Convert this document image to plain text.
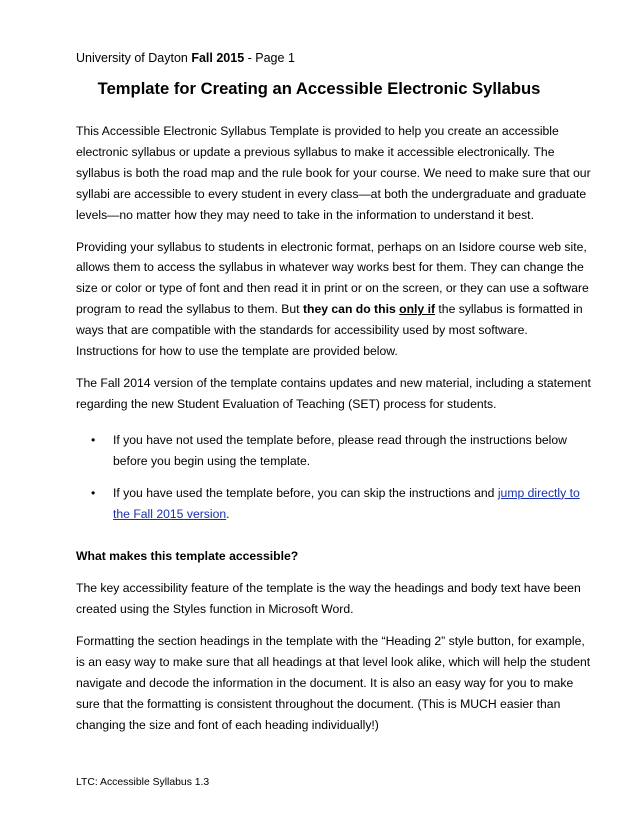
University of Dayton Fall 2015 - Page 1
Template for Creating an Accessible Electronic Syllabus

This Accessible Electronic Syllabus Template is provided to help you create an accessible electronic syllabus or update a previous syllabus to make it accessible electronically. The syllabus is both the road map and the rule book for your course. We need to make sure that our syllabi are accessible to every student in every class—at both the undergraduate and graduate levels—no matter how they may need to take in the information to understand it best.

Providing your syllabus to students in electronic format, perhaps on an Isidore course web site, allows them to access the syllabus in whatever way works best for them. They can change the size or color or type of font and then read it in print or on the screen, or they can use a software program to read the syllabus to them. But they can do this only if the syllabus is formatted in ways that are compatible with the standards for accessibility used by most software. Instructions for how to use the template are provided below.

The Fall 2014 version of the template contains updates and new material, including a statement regarding the new Student Evaluation of Teaching (SET) process for students.

• If you have not used the template before, please read through the instructions below before you begin using the template.
• If you have used the template before, you can skip the instructions and jump directly to the Fall 2015 version.

What makes this template accessible?

The key accessibility feature of the template is the way the headings and body text have been created using the Styles function in Microsoft Word.

Formatting the section headings in the template with the “Heading 2” style button, for example, is an easy way to make sure that all headings at that level look alike, which will help the student navigate and decode the information in the document. It is also an easy way for you to make sure that the formatting is consistent throughout the document. (This is MUCH easier than changing the size and font of each heading individually!)

LTC: Accessible Syllabus 1.3
